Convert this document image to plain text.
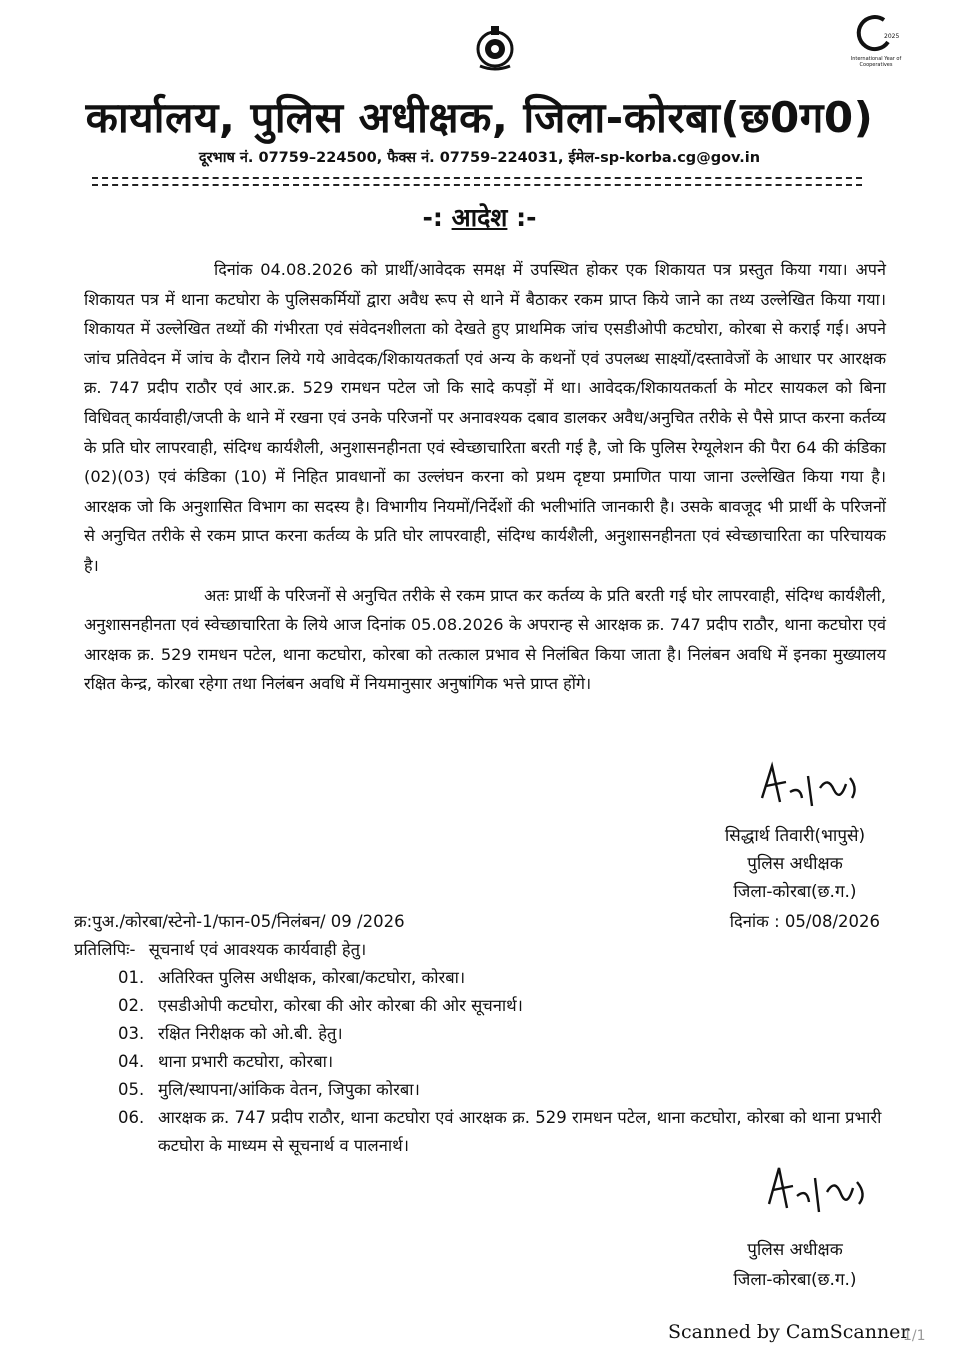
2025
International Year of Cooperatives
कार्यालय, पुलिस अधीक्षक, जिला-कोरबा(छ0ग0)
दूरभाष नं. 07759–224500, फैक्स नं. 07759–224031, ईमेल-sp-korba.cg@gov.in
-: आदेश :-

दिनांक 04.08.2026 को प्रार्थी/आवेदक समक्ष में उपस्थित होकर एक शिकायत पत्र प्रस्तुत किया गया। अपने शिकायत पत्र में थाना कटघोरा के पुलिसकर्मियों द्वारा अवैध रूप से थाने में बैठाकर रकम प्राप्त किये जाने का तथ्य उल्लेखित किया गया। शिकायत में उल्लेखित तथ्यों की गंभीरता एवं संवेदनशीलता को देखते हुए प्राथमिक जांच एसडीओपी कटघोरा, कोरबा से कराई गई। अपने जांच प्रतिवेदन में जांच के दौरान लिये गये आवेदक/शिकायतकर्ता एवं अन्य के कथनों एवं उपलब्ध साक्ष्यों/दस्तावेजों के आधार पर आरक्षक क्र. 747 प्रदीप राठौर एवं आर.क्र. 529 रामधन पटेल जो कि सादे कपड़ों में था। आवेदक/शिकायतकर्ता के मोटर सायकल को बिना विधिवत् कार्यवाही/जप्ती के थाने में रखना एवं उनके परिजनों पर अनावश्यक दबाव डालकर अवैध/अनुचित तरीके से पैसे प्राप्त करना कर्तव्य के प्रति घोर लापरवाही, संदिग्ध कार्यशैली, अनुशासनहीनता एवं स्वेच्छाचारिता बरती गई है, जो कि पुलिस रेग्यूलेशन की पैरा 64 की कंडिका (02)(03) एवं कंडिका (10) में निहित प्रावधानों का उल्लंघन करना को प्रथम दृष्टया प्रमाणित पाया जाना उल्लेखित किया गया है। आरक्षक जो कि अनुशासित विभाग का सदस्य है। विभागीय नियमों/निर्देशों की भलीभांति जानकारी है। उसके बावजूद भी प्रार्थी के परिजनों से अनुचित तरीके से रकम प्राप्त करना कर्तव्य के प्रति घोर लापरवाही, संदिग्ध कार्यशैली, अनुशासनहीनता एवं स्वेच्छाचारिता का परिचायक है।

अतः प्रार्थी के परिजनों से अनुचित तरीके से रकम प्राप्त कर कर्तव्य के प्रति बरती गई घोर लापरवाही, संदिग्ध कार्यशैली, अनुशासनहीनता एवं स्वेच्छाचारिता के लिये आज दिनांक 05.08.2026 के अपरान्ह से आरक्षक क्र. 747 प्रदीप राठौर, थाना कटघोरा एवं आरक्षक क्र. 529 रामधन पटेल, थाना कटघोरा, कोरबा को तत्काल प्रभाव से निलंबित किया जाता है। निलंबन अवधि में इनका मुख्यालय रक्षित केन्द्र, कोरबा रहेगा तथा निलंबन अवधि में नियमानुसार अनुषांगिक भत्ते प्राप्त होंगे।

सिद्धार्थ तिवारी(भापुसे)
पुलिस अधीक्षक
जिला-कोरबा(छ.ग.)
क्र:पुअ./कोरबा/स्टेनो-1/फान-05/निलंबन/ 09 /2026	दिनांक : 05/08/2026
प्रतिलिपिः- सूचनार्थ एवं आवश्यक कार्यवाही हेतु।
01. अतिरिक्त पुलिस अधीक्षक, कोरबा/कटघोरा, कोरबा।
02. एसडीओपी कटघोरा, कोरबा की ओर कोरबा की ओर सूचनार्थ।
03. रक्षित निरीक्षक को ओ.बी. हेतु।
04. थाना प्रभारी कटघोरा, कोरबा।
05. मुलि/स्थापना/आंकिक वेतन, जिपुका कोरबा।
06. आरक्षक क्र. 747 प्रदीप राठौर, थाना कटघोरा एवं आरक्षक क्र. 529 रामधन पटेल, थाना कटघोरा, कोरबा को थाना प्रभारी कटघोरा के माध्यम से सूचनार्थ व पालनार्थ।
पुलिस अधीक्षक
जिला-कोरबा(छ.ग.)
Scanned by CamScanner
1/1
